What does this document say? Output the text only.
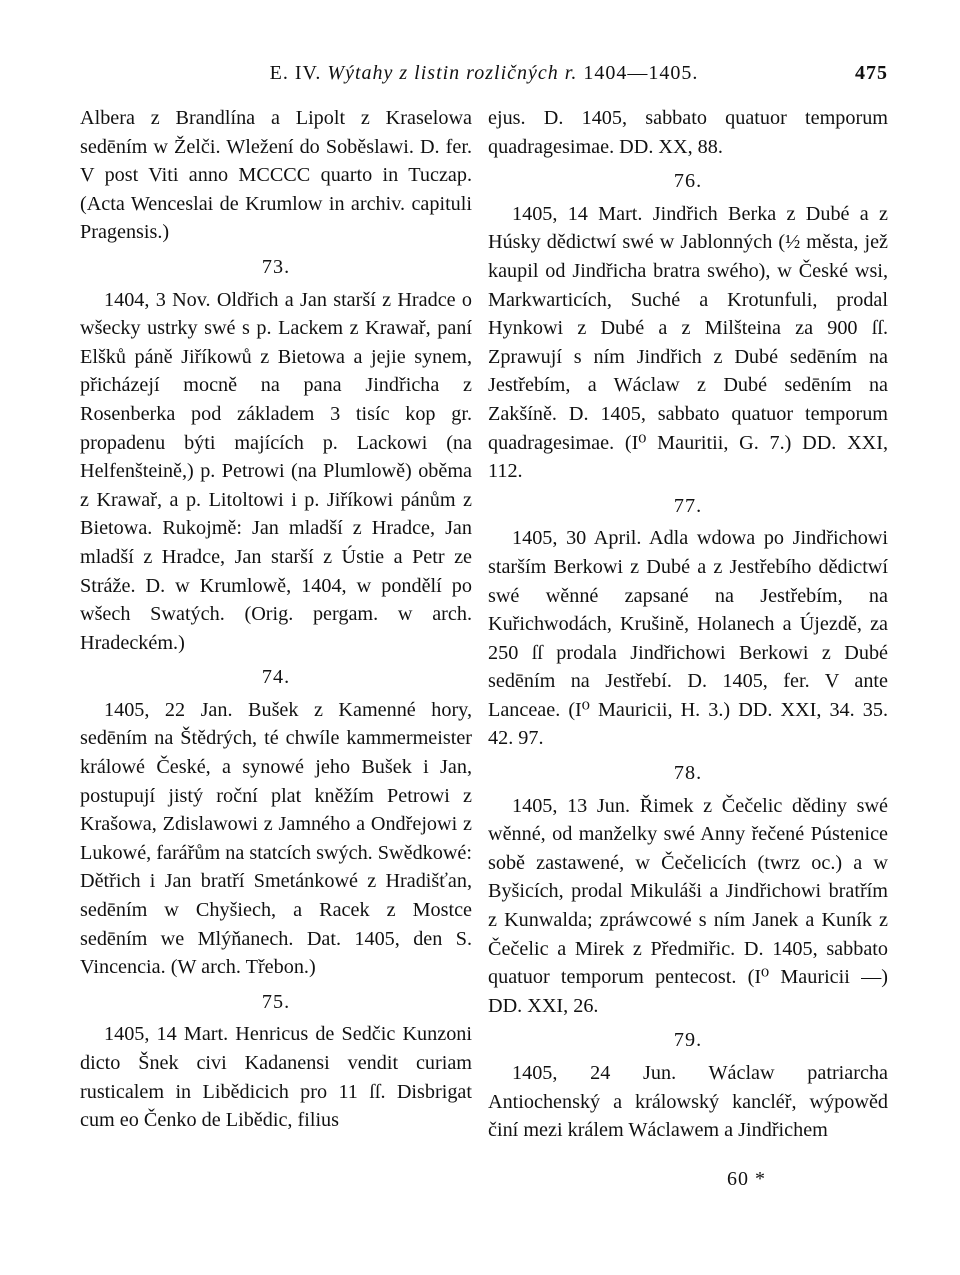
E. IV. Wýtahy z listin rozličných r. 1404—1405.	475

Albera z Brandlína a Lipolt z Kraselowa sedēním w Želči. Wležení do Soběslawi. D. fer. V post Viti anno MCCCC quarto in Tuczap. (Acta Wenceslai de Krumlow in archiv. capituli Pragensis.)

73.

1404, 3 Nov. Oldřich a Jan starší z Hradce o wšecky ustrky swé s p. Lackem z Krawař, paní Elšků páně Jiříkowů z Bietowa a jejie synem, přicházejí mocně na pana Jindřicha z Rosenberka pod základem 3 tisíc kop gr. propadenu býti majících p. Lackowi (na Helfenšteině,) p. Petrowi (na Plumlowě) oběma z Krawař, a p. Litoltowi i p. Jiříkowi pánům z Bietowa. Rukojmě: Jan mladší z Hradce, Jan mladší z Hradce, Jan starší z Ústie a Petr ze Stráže. D. w Krumlowě, 1404, w pondělí po wšech Swatých. (Orig. pergam. w arch. Hradeckém.)

74.

1405, 22 Jan. Bušek z Kamenné hory, sedēním na Štědrých, té chwíle kammermeister králowé České, a synowé jeho Bušek i Jan, postupují jistý roční plat kněžím Petrowi z Krašowa, Zdislawowi z Jamného a Ondřejowi z Lukowé, farářům na statcích swých. Swědkowé: Dětřich i Jan bratří Smetánkowé z Hradišťan, sedēním w Chyšiech, a Racek z Mostce sedēním we Mlýňanech. Dat. 1405, den S. Vincencia. (W arch. Třebon.)

75.

1405, 14 Mart. Henricus de Sedčic Kunzoni dicto Šnek civi Kadanensi vendit curiam rusticalem in Libědicich pro 11 ſſ. Disbrigat cum eo Čenko de Libědic, filius

ejus. D. 1405, sabbato quatuor temporum quadragesimae. DD. XX, 88.

76.

1405, 14 Mart. Jindřich Berka z Dubé a z Húsky dědictwí swé w Jablonných (½ města, jež kaupil od Jindřicha bratra swého), w České wsi, Markwarticích, Suché a Krotunfuli, prodal Hynkowi z Dubé a z Milšteina za 900 ſſ. Zprawují s ním Jindřich z Dubé sedēním na Jestřebím, a Wáclaw z Dubé sedēním na Zakšíně. D. 1405, sabbato quatuor temporum quadragesimae. (I⁰ Mauritii, G. 7.) DD. XXI, 112.

77.

1405, 30 April. Adla wdowa po Jindřichowi starším Berkowi z Dubé a z Jestřebího dědictwí swé wěnné zapsané na Jestřebím, na Kuřichwodách, Krušině, Holanech a Újezdě, za 250 ſſ prodala Jindřichowi Berkowi z Dubé sedēním na Jestřebí. D. 1405, fer. V ante Lanceae. (I⁰ Mauricii, H. 3.) DD. XXI, 34. 35. 42. 97.

78.

1405, 13 Jun. Řimek z Čečelic dědiny swé wěnné, od manželky swé Anny řečené Pústenice sobě zastawené, w Čečelicích (twrz oc.) a w Byšicích, prodal Mikuláši a Jindřichowi bratřím z Kunwalda; zpráwcowé s ním Janek a Kuník z Čečelic a Mirek z Předmiřic. D. 1405, sabbato quatuor temporum pentecost. (I⁰ Mauricii —) DD. XXI, 26.

79.

1405, 24 Jun. Wáclaw patriarcha Antiochenský a králowský kancléř, wýpowěd činí mezi králem Wáclawem a Jindřichem

60 *
